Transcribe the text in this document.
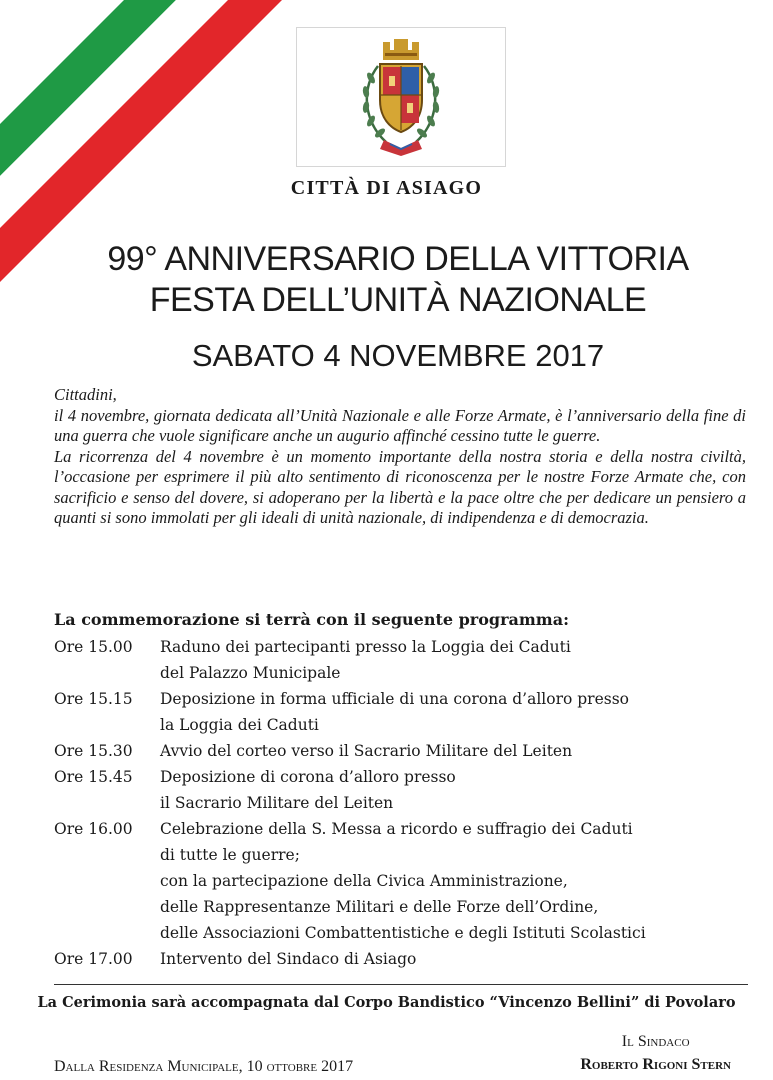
CITTÀ DI ASIAGO
99° ANNIVERSARIO DELLA VITTORIA
FESTA DELL’UNITÀ NAZIONALE
SABATO 4 NOVEMBRE 2017

Cittadini,

il 4 novembre, giornata dedicata all’Unità Nazionale e alle Forze Armate, è l’anniversario della fine di una guerra che vuole significare anche un augurio affinché cessino tutte le guerre.

La ricorrenza del 4 novembre è un momento importante della nostra storia e della nostra civiltà, l’occasione per esprimere il più alto sentimento di riconoscenza per le nostre Forze Armate che, con sacrificio e senso del dovere, si adoperano per la libertà e la pace oltre che per dedicare un pensiero a quanti si sono immolati per gli ideali di unità nazionale, di indipendenza e di democrazia.

La commemorazione si terrà con il seguente programma:
Ore 15.00	Raduno dei partecipanti presso la Loggia dei Caduti
del Palazzo Municipale
Ore 15.15	Deposizione in forma ufficiale di una corona d’alloro presso
la Loggia dei Caduti
Ore 15.30	Avvio del corteo verso il Sacrario Militare del Leiten
Ore 15.45	Deposizione di corona d’alloro presso
il Sacrario Militare del Leiten
Ore 16.00	Celebrazione della S. Messa a ricordo e suffragio dei Caduti
di tutte le guerre;
con la partecipazione della Civica Amministrazione,
delle Rappresentanze Militari e delle Forze dell’Ordine,
delle Associazioni Combattentistiche e degli Istituti Scolastici
Ore 17.00	Intervento del Sindaco di Asiago
La Cerimonia sarà accompagnata dal Corpo Bandistico “Vincenzo Bellini” di Povolaro
Dalla Residenza Municipale, 10 ottobre 2017
Il Sindaco
Roberto Rigoni Stern
